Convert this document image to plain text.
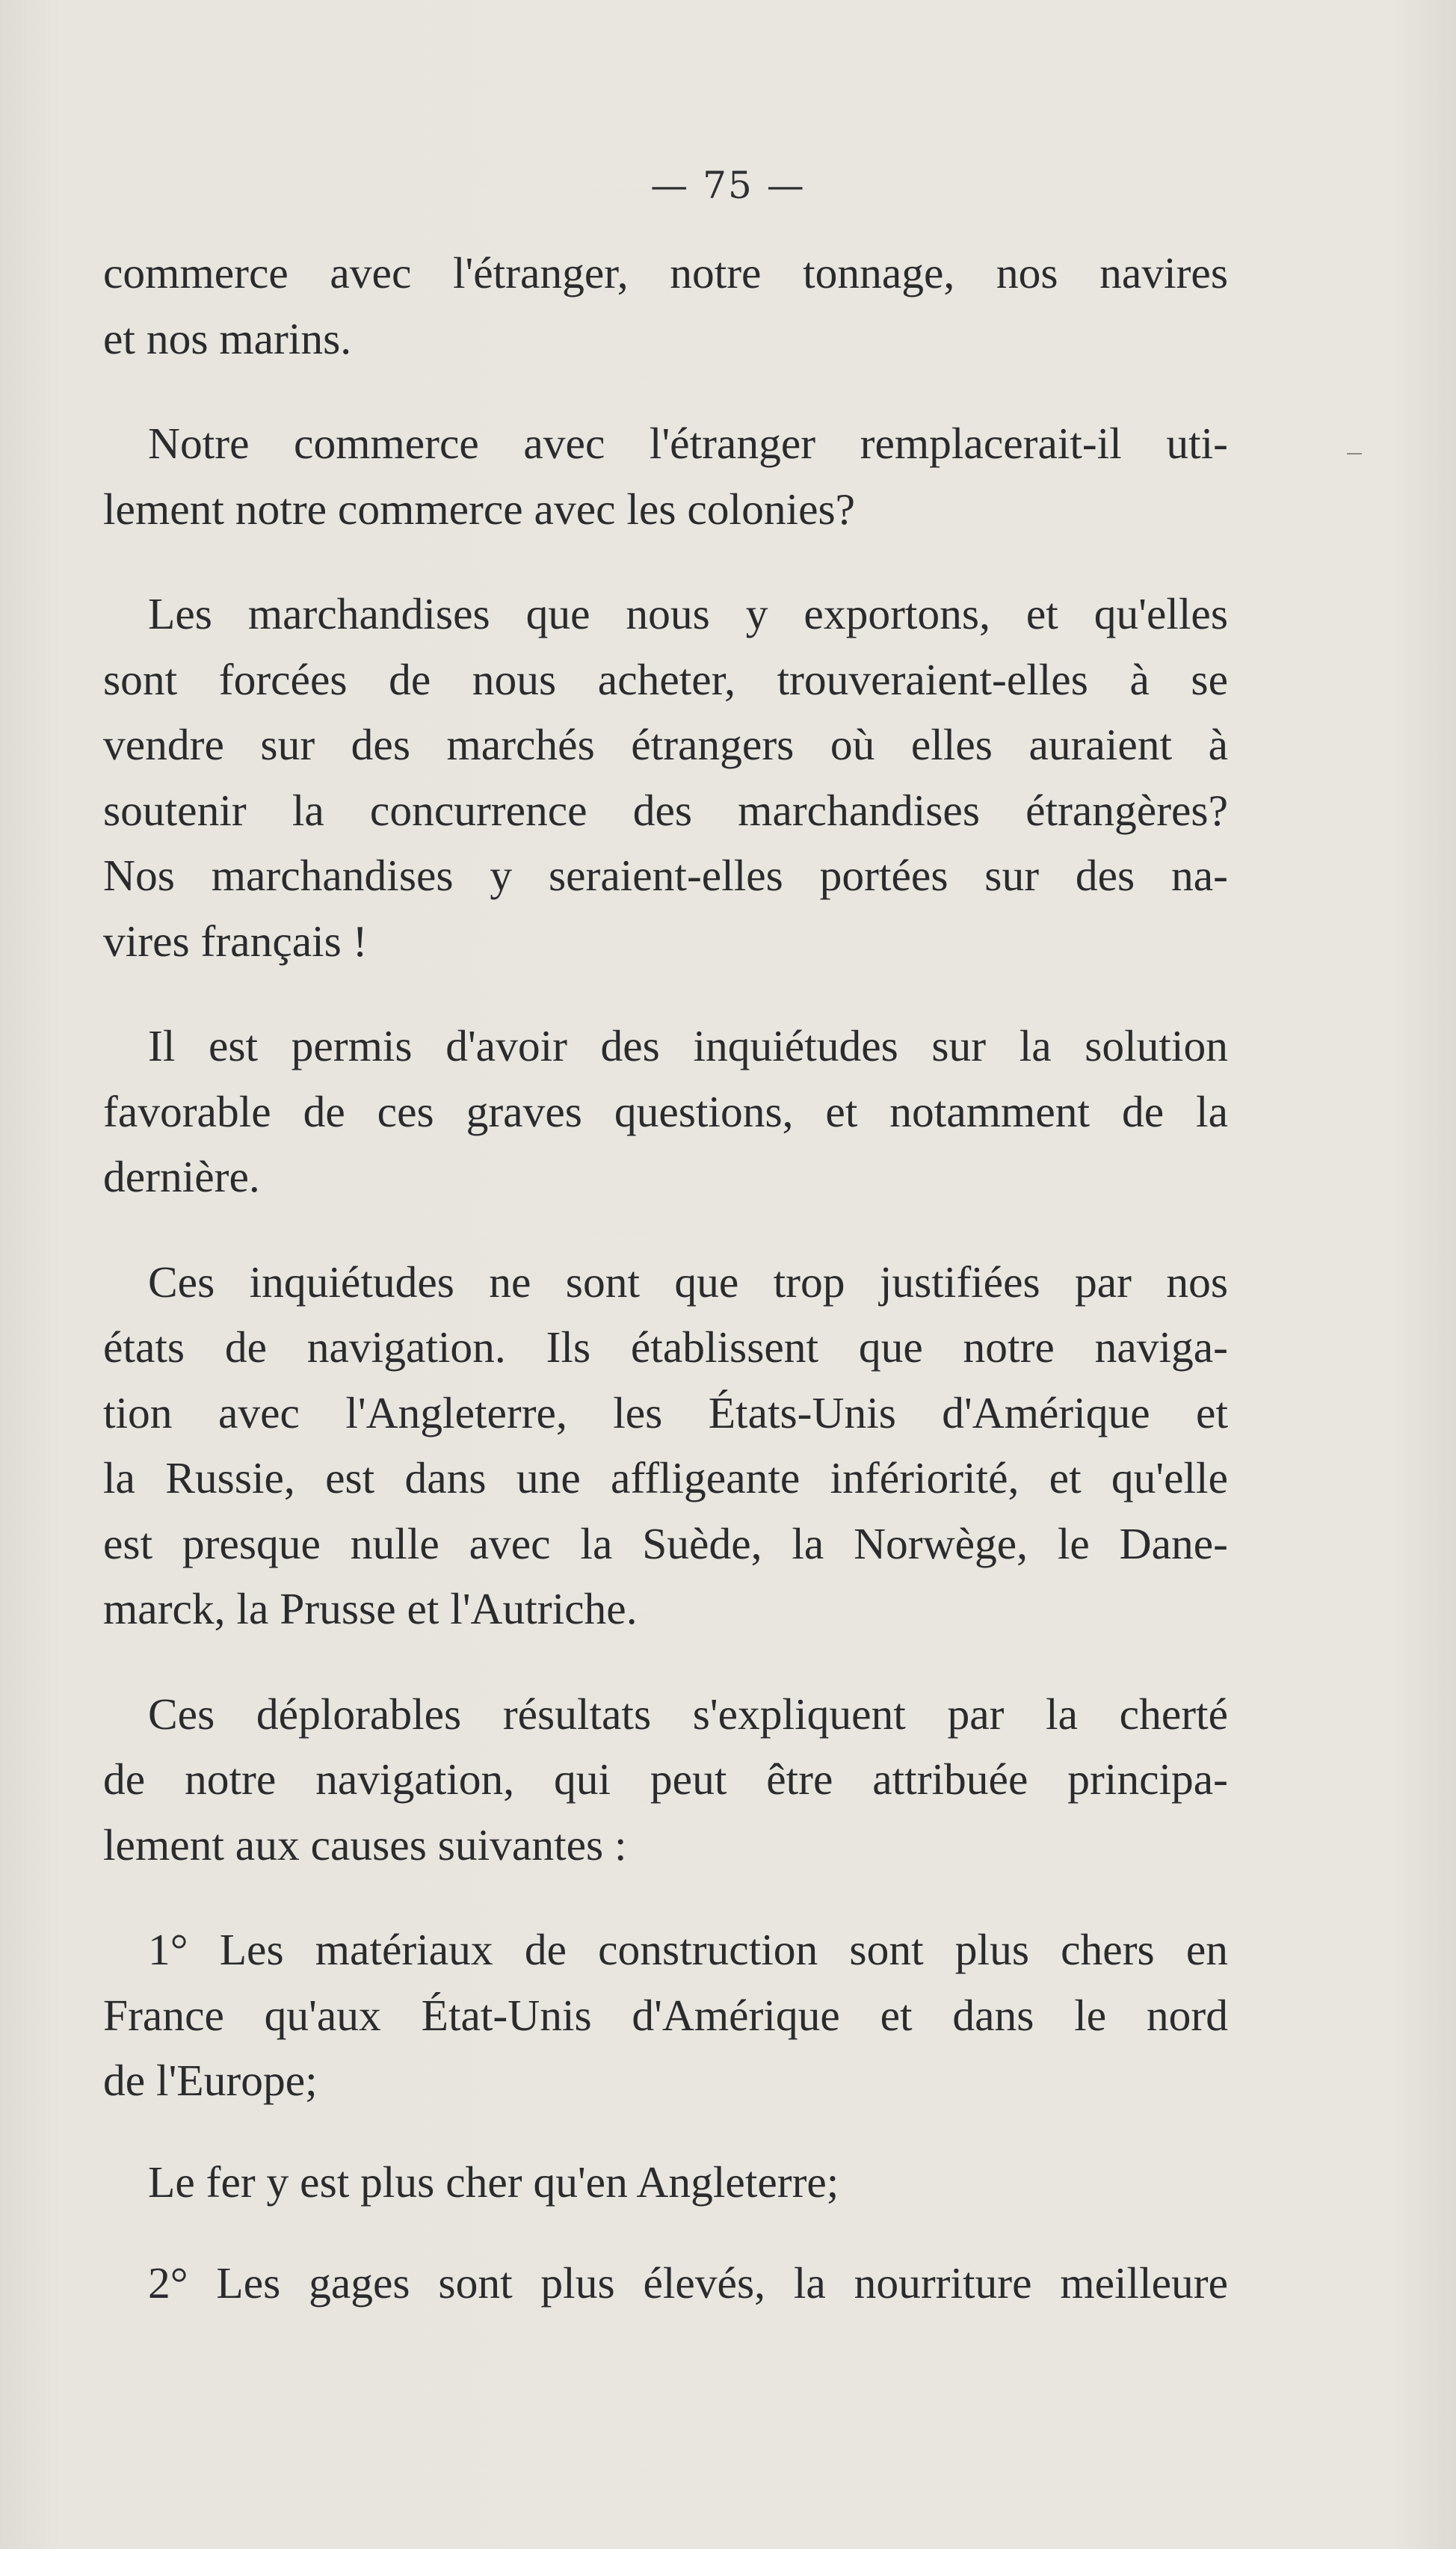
— 75 —
commerce avec l'étranger, notre tonnage, nos navires
et nos marins.
Notre commerce avec l'étranger remplacerait-il uti-
lement notre commerce avec les colonies?
Les marchandises que nous y exportons, et qu'elles
sont forcées de nous acheter, trouveraient-elles à se
vendre sur des marchés étrangers où elles auraient à
soutenir la concurrence des marchandises étrangères?
Nos marchandises y seraient-elles portées sur des na-
vires français !
Il est permis d'avoir des inquiétudes sur la solution
favorable de ces graves questions, et notamment de la
dernière.
Ces inquiétudes ne sont que trop justifiées par nos
états de navigation. Ils établissent que notre naviga-
tion avec l'Angleterre, les États-Unis d'Amérique et
la Russie, est dans une affligeante infériorité, et qu'elle
est presque nulle avec la Suède, la Norwège, le Dane-
marck, la Prusse et l'Autriche.
Ces déplorables résultats s'expliquent par la cherté
de notre navigation, qui peut être attribuée principa-
lement aux causes suivantes :
1° Les matériaux de construction sont plus chers en
France qu'aux État-Unis d'Amérique et dans le nord
de l'Europe;
Le fer y est plus cher qu'en Angleterre;
2° Les gages sont plus élevés, la nourriture meilleure
